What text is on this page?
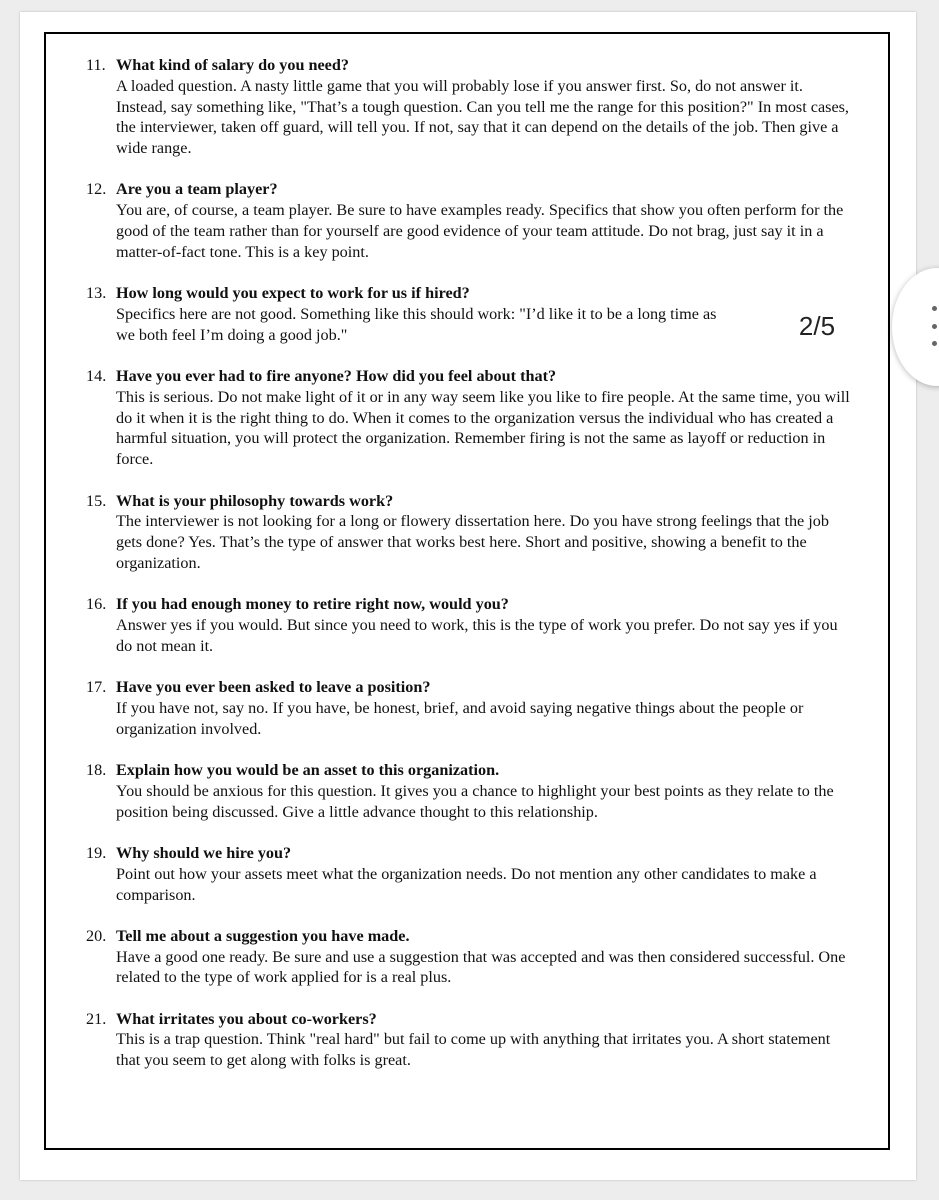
11. What kind of salary do you need?
A loaded question. A nasty little game that you will probably lose if you answer first. So, do not answer it. Instead, say something like, "That’s a tough question. Can you tell me the range for this position?" In most cases, the interviewer, taken off guard, will tell you. If not, say that it can depend on the details of the job. Then give a wide range.
12. Are you a team player?
You are, of course, a team player. Be sure to have examples ready. Specifics that show you often perform for the good of the team rather than for yourself are good evidence of your team attitude. Do not brag, just say it in a matter-of-fact tone. This is a key point.
13. How long would you expect to work for us if hired?
Specifics here are not good. Something like this should work: "I’d like it to be a long time as we both feel I’m doing a good job."
14. Have you ever had to fire anyone? How did you feel about that?
This is serious. Do not make light of it or in any way seem like you like to fire people. At the same time, you will do it when it is the right thing to do. When it comes to the organization versus the individual who has created a harmful situation, you will protect the organization. Remember firing is not the same as layoff or reduction in force.
15. What is your philosophy towards work?
The interviewer is not looking for a long or flowery dissertation here. Do you have strong feelings that the job gets done? Yes. That’s the type of answer that works best here. Short and positive, showing a benefit to the organization.
16. If you had enough money to retire right now, would you?
Answer yes if you would. But since you need to work, this is the type of work you prefer. Do not say yes if you do not mean it.
17. Have you ever been asked to leave a position?
If you have not, say no. If you have, be honest, brief, and avoid saying negative things about the people or organization involved.
18. Explain how you would be an asset to this organization.
You should be anxious for this question. It gives you a chance to highlight your best points as they relate to the position being discussed. Give a little advance thought to this relationship.
19. Why should we hire you?
Point out how your assets meet what the organization needs. Do not mention any other candidates to make a comparison.
20. Tell me about a suggestion you have made.
Have a good one ready. Be sure and use a suggestion that was accepted and was then considered successful. One related to the type of work applied for is a real plus.
21. What irritates you about co-workers?
This is a trap question. Think "real hard" but fail to come up with anything that irritates you. A short statement that you seem to get along with folks is great.
2/5
